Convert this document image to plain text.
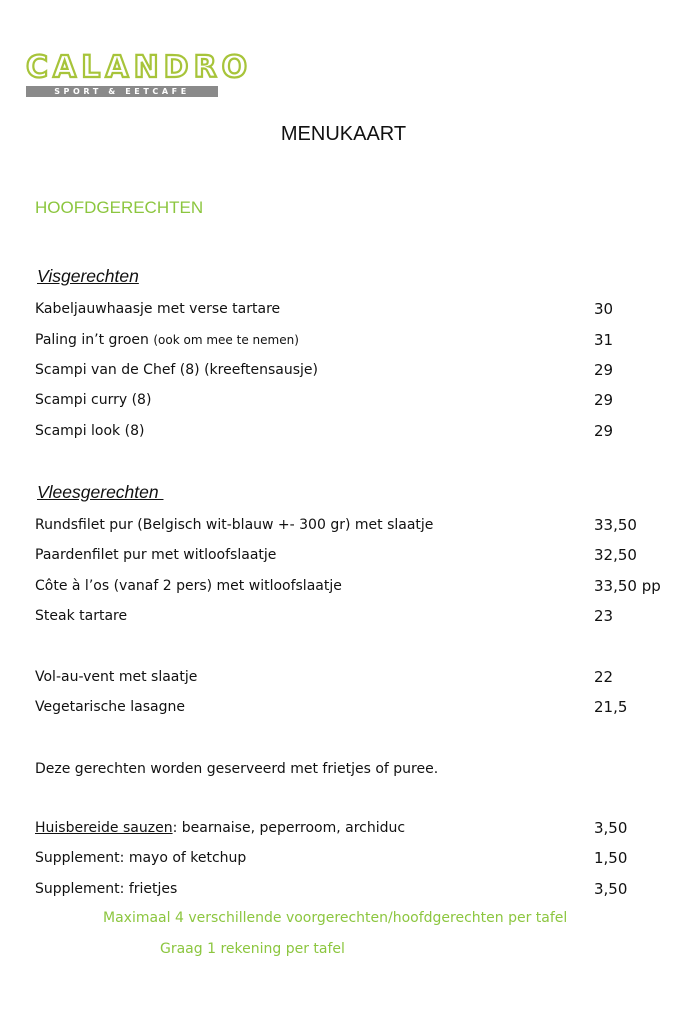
CALANDRO
SPORT & EETCAFE
MENUKAART
HOOFDGERECHTEN
Visgerechten
Kabeljauwhaasje met verse tartare	30
Paling in’t groen (ook om mee te nemen)	31
Scampi van de Chef (8) (kreeftensausje)	29
Scampi curry (8)	29
Scampi look (8)	29
Vleesgerechten
Rundsfilet pur (Belgisch wit-blauw +- 300 gr) met slaatje	33,50
Paardenfilet pur met witloofslaatje	32,50
Côte à l’os (vanaf 2 pers) met witloofslaatje	33,50 pp
Steak tartare	23
Vol-au-vent met slaatje	22
Vegetarische lasagne	21,5
Deze gerechten worden geserveerd met frietjes of puree.
Huisbereide sauzen: bearnaise, peperroom, archiduc	3,50
Supplement: mayo of ketchup	1,50
Supplement: frietjes	3,50
Maximaal 4 verschillende voorgerechten/hoofdgerechten per tafel
Graag 1 rekening per tafel
